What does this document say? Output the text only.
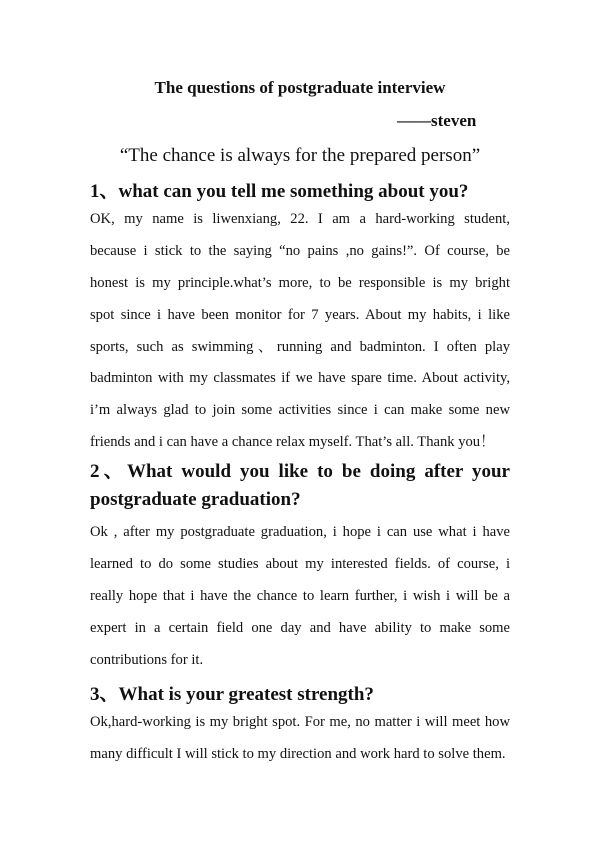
The questions of postgraduate interview
——steven
“The chance is always for the prepared person”
1、what can you tell me something about you?
OK, my name is liwenxiang, 22. I am a hard-working student,
because i stick to the saying “no pains ,no gains!”. Of course, be
honest is my principle.what’s more, to be responsible is my bright
spot since i have been monitor for 7 years. About my habits, i like
sports, such as swimming、running and badminton. I often play
badminton with my classmates if we have spare time. About activity,
i’m always glad to join some activities since i can make some new
friends and i can have a chance relax myself. That’s all. Thank you！
2、What would you like to be doing after your
postgraduate graduation?
Ok , after my postgraduate graduation, i hope i can use what i have
learned to do some studies about my interested fields. of course, i
really hope that i have the chance to learn further, i wish i will be a
expert in a certain field one day and have ability to make some
contributions for it.
3、What is your greatest strength?
Ok,hard-working is my bright spot. For me, no matter i will meet how
many difficult I will stick to my direction and work hard to solve them.
